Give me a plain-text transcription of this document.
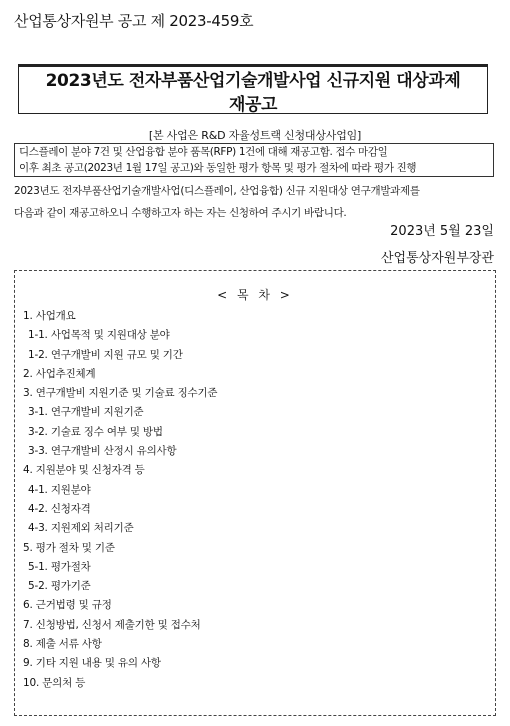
산업통상자원부 공고 제 2023-459호
2023년도 전자부품산업기술개발사업 신규지원 대상과제
재공고
[본 사업은 R&D 자율성트랙 신청대상사업임]
디스플레이 분야 7건 및 산업융합 분야 품목(RFP) 1건에 대해 재공고함. 접수 마감일
이후 최초 공고(2023년 1월 17일 공고)와 동일한 평가 항목 및 평가 절차에 따라 평가 진행
2023년도 전자부품산업기술개발사업(디스플레이, 산업융합) 신규 지원대상 연구개발과제를
다음과 같이 재공고하오니 수행하고자 하는 자는 신청하여 주시기 바랍니다.
2023년 5월 23일
산업통상자원부장관
< 목 차 >
1. 사업개요
1-1. 사업목적 및 지원대상 분야
1-2. 연구개발비 지원 규모 및 기간
2. 사업추진체계
3. 연구개발비 지원기준 및 기술료 징수기준
3-1. 연구개발비 지원기준
3-2. 기술료 징수 여부 및 방법
3-3. 연구개발비 산정시 유의사항
4. 지원분야 및 신청자격 등
4-1. 지원분야
4-2. 신청자격
4-3. 지원제외 처리기준
5. 평가 절차 및 기준
5-1. 평가절차
5-2. 평가기준
6. 근거법령 및 규정
7. 신청방법, 신청서 제출기한 및 접수처
8. 제출 서류 사항
9. 기타 지원 내용 및 유의 사항
10. 문의처 등
